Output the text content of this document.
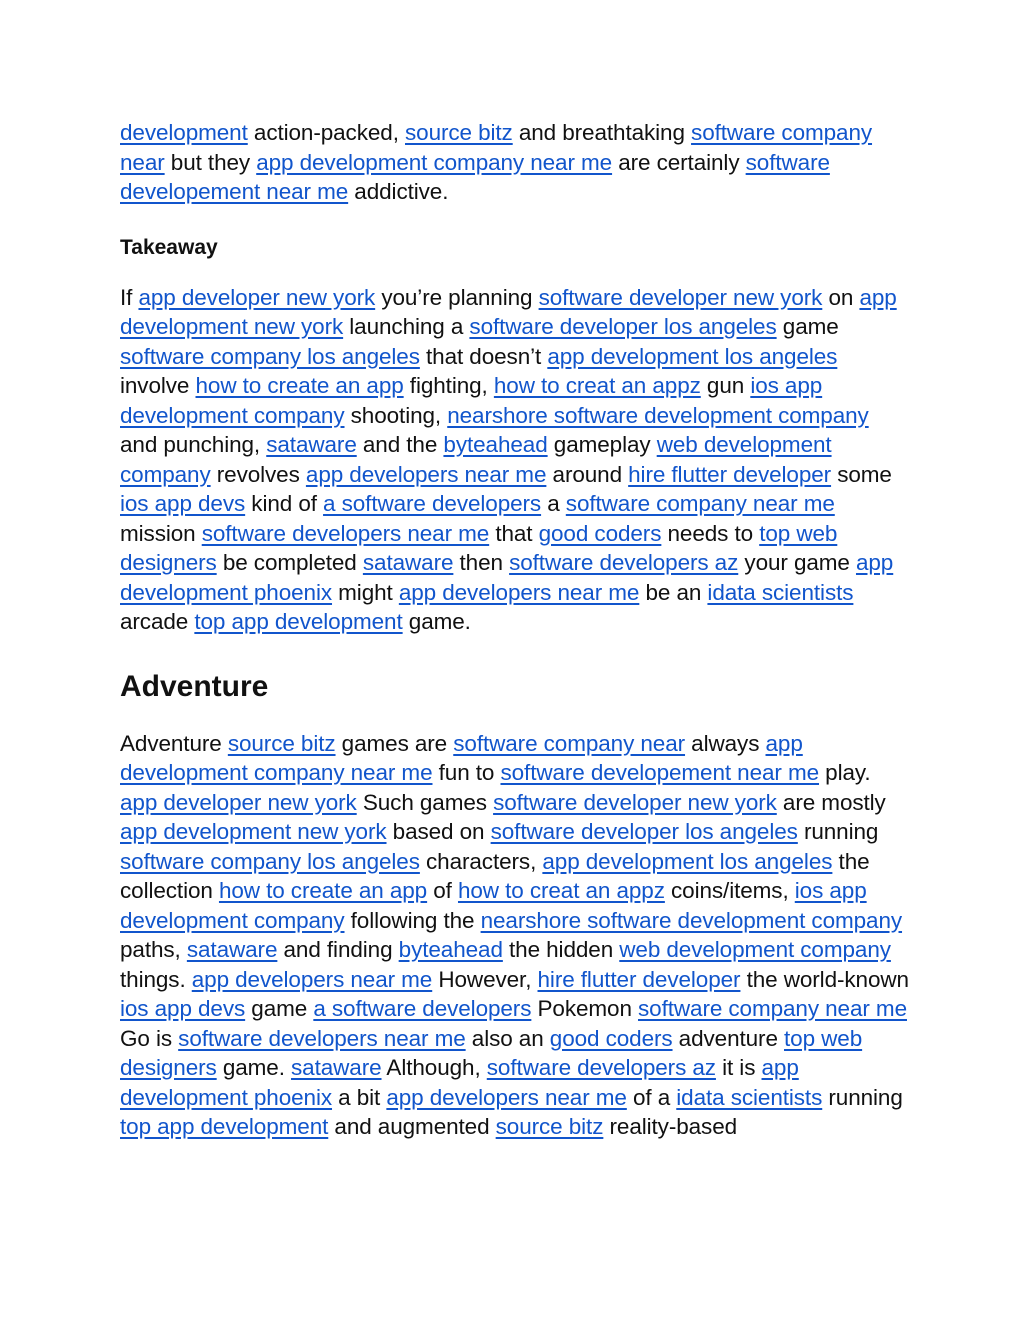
development action-packed, source bitz and breathtaking software company near but they app development company near me are certainly software developement near me addictive.

Takeaway

If app developer new york you’re planning software developer new york on app development new york launching a software developer los angeles game software company los angeles that doesn’t app development los angeles involve how to create an app fighting, how to creat an appz gun ios app development company shooting, nearshore software development company and punching, sataware and the byteahead gameplay web development company revolves app developers near me around hire flutter developer some ios app devs kind of a software developers a software company near me mission software developers near me that good coders needs to top web designers be completed sataware then software developers az your game app development phoenix might app developers near me be an idata scientists arcade top app development game.

Adventure

Adventure source bitz games are software company near always app development company near me fun to software developement near me play. app developer new york Such games software developer new york are mostly app development new york based on software developer los angeles running software company los angeles characters, app development los angeles the collection how to create an app of how to creat an appz coins/items, ios app development company following the nearshore software development company paths, sataware and finding byteahead the hidden web development company things. app developers near me However, hire flutter developer the world-known ios app devs game a software developers Pokemon software company near me Go is software developers near me also an good coders adventure top web designers game. sataware Although, software developers az it is app development phoenix a bit app developers near me of a idata scientists running top app development and augmented source bitz reality-based
